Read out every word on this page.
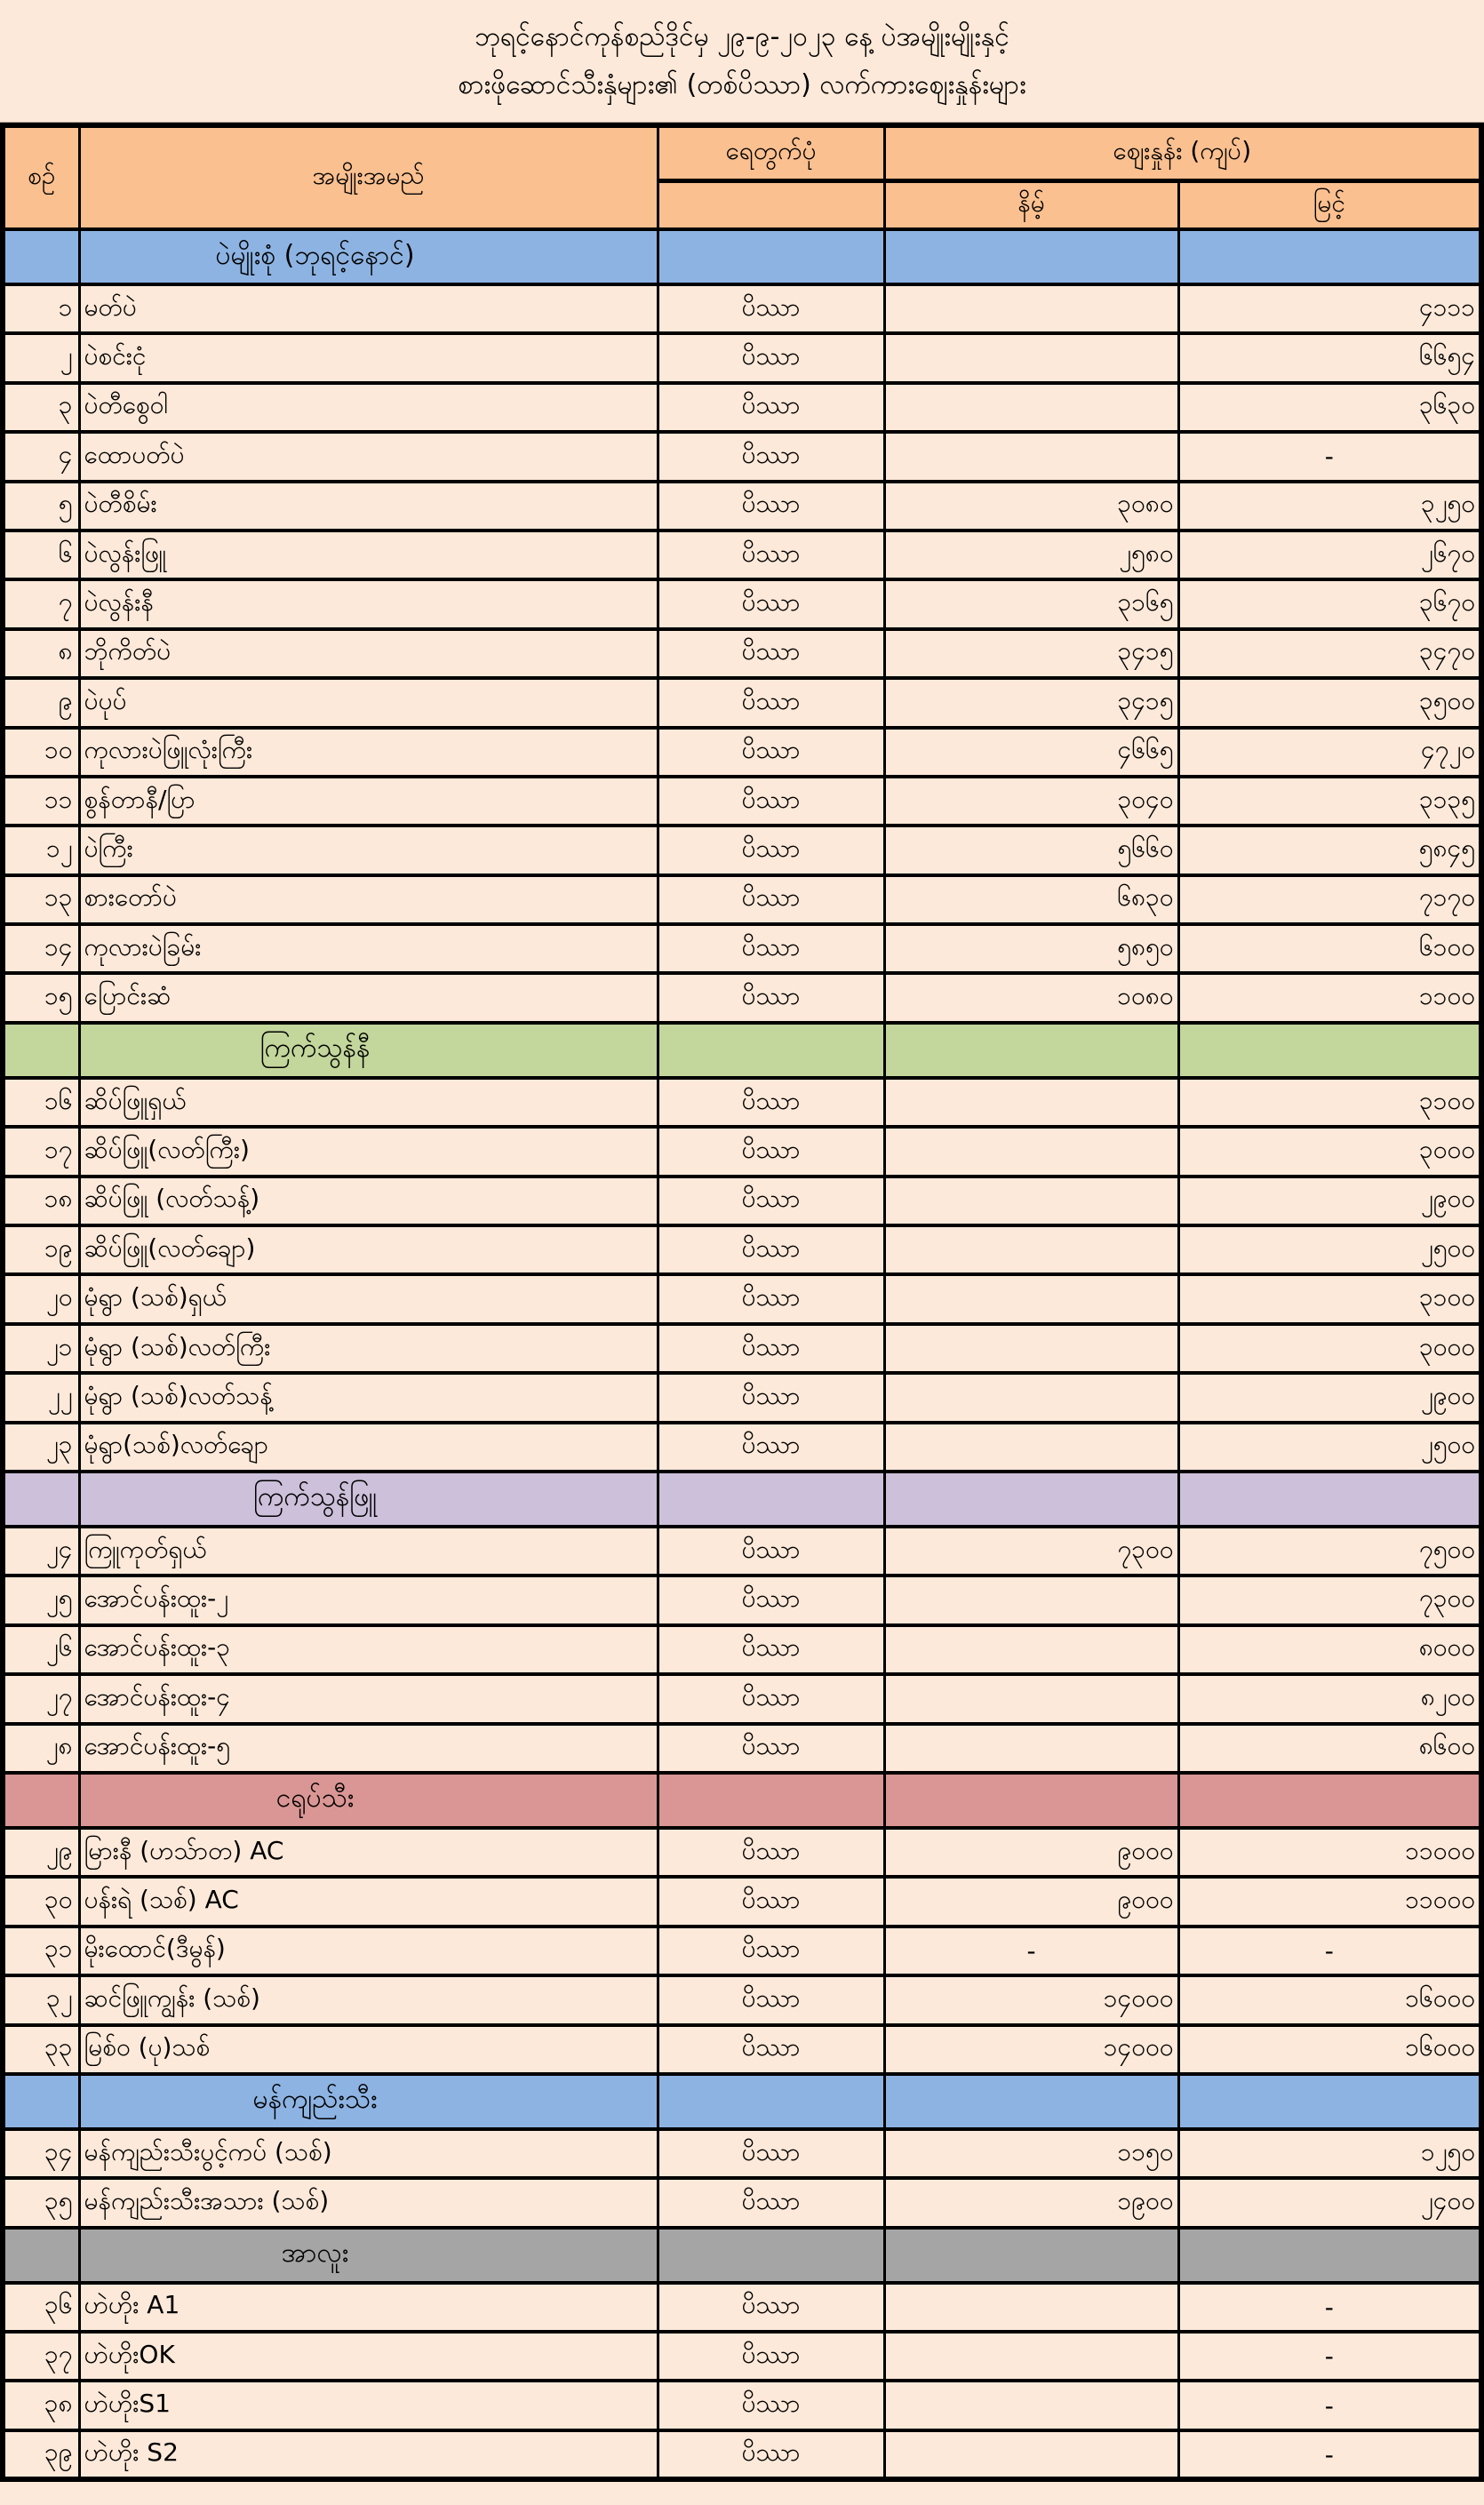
ဘုရင့်နောင်ကုန်စည်ဒိုင်မှ ၂၉-၉-၂၀၂၃ နေ့ ပဲအမျိုးမျိုးနှင့်
စားဖိုဆောင်သီးနှံများ၏ (တစ်ပိဿာ) လက်ကားဈေးနှုန်းများ
စဉ်	အမျိုးအမည်	ရေတွက်ပုံ	ဈေးနှုန်း (ကျပ်)	
			နိမ့်	မြင့်
	ပဲမျိုးစုံ (ဘုရင့်နောင်)			
၁	မတ်ပဲ	ပိဿာ		၄၁၁၁
၂	ပဲစင်းငုံ	ပိဿာ		၆၆၅၄
၃	ပဲတီစွေ၀ါ	ပိဿာ		၃၆၃၀
၄	ထောပတ်ပဲ	ပိဿာ		-
၅	ပဲတီစိမ်း	ပိဿာ	၃၀၈၀	၃၂၅၀
၆	ပဲလွန်းဖြူ	ပိဿာ	၂၅၈၀	၂၆၇၀
၇	ပဲလွန်းနီ	ပိဿာ	၃၁၆၅	၃၆၇၀
၈	ဘိုကိတ်ပဲ	ပိဿာ	၃၄၁၅	၃၄၇၀
၉	ပဲပုပ်	ပိဿာ	၃၄၁၅	၃၅၀၀
၁၀	ကုလားပဲဖြူလုံးကြီး	ပိဿာ	၄၆၆၅	၄၇၂၀
၁၁	စွန်တာနီ/ပြာ	ပိဿာ	၃၀၄၀	၃၁၃၅
၁၂	ပဲကြီး	ပိဿာ	၅၆၆၀	၅၈၄၅
၁၃	စားတော်ပဲ	ပိဿာ	၆၈၃၀	၇၁၇၀
၁၄	ကုလားပဲခြမ်း	ပိဿာ	၅၈၅၀	၆၁၀၀
၁၅	ပြောင်းဆံ	ပိဿာ	၁၀၈၀	၁၁၀၀
	ကြက်သွန်နီ			
၁၆	ဆိပ်ဖြူရှယ်	ပိဿာ		၃၁၀၀
၁၇	ဆိပ်ဖြူ(လတ်ကြီး)	ပိဿာ		၃၀၀၀
၁၈	ဆိပ်ဖြူ (လတ်သန့်)	ပိဿာ		၂၉၀၀
၁၉	ဆိပ်ဖြူ(လတ်ချော)	ပိဿာ		၂၅၀၀
၂၀	မုံရွာ (သစ်)ရှယ်	ပိဿာ		၃၁၀၀
၂၁	မုံရွာ (သစ်)လတ်ကြီး	ပိဿာ		၃၀၀၀
၂၂	မုံရွာ (သစ်)လတ်သန့်	ပိဿာ		၂၉၀၀
၂၃	မုံရွာ(သစ်)လတ်ချော	ပိဿာ		၂၅၀၀
	ကြက်သွန်ဖြူ			
၂၄	ကြူကုတ်ရှယ်	ပိဿာ	၇၃၀၀	၇၅၀၀
၂၅	အောင်ပန်းထူး-၂	ပိဿာ		၇၃၀၀
၂၆	အောင်ပန်းထူး-၃	ပိဿာ		၈၀၀၀
၂၇	အောင်ပန်းထူး-၄	ပိဿာ		၈၂၀၀
၂၈	အောင်ပန်းထူး-၅	ပိဿာ		၈၆၀၀
	ငရုပ်သီး			
၂၉	မြားနီ (ဟသ်ာတ) AC	ပိဿာ	၉၀၀၀	၁၁၀၀၀
၃၀	ပန်းရဲ (သစ်) AC	ပိဿာ	၉၀၀၀	၁၁၀၀၀
၃၁	မိုးထောင်(ဒီမွန်)	ပိဿာ	-	-
၃၂	ဆင်ဖြူကျွန်း (သစ်)	ပိဿာ	၁၄၀၀၀	၁၆၀၀၀
၃၃	မြစ်ဝ (ပု)သစ်	ပိဿာ	၁၄၀၀၀	၁၆၀၀၀
	မန်ကျည်းသီး			
၃၄	မန်ကျည်းသီးပွင့်ကပ် (သစ်)	ပိဿာ	၁၁၅၀	၁၂၅၀
၃၅	မန်ကျည်းသီးအသား (သစ်)	ပိဿာ	၁၉၀၀	၂၄၀၀
	အာလူး			
၃၆	ဟဲဟိုး A1	ပိဿာ		-
၃၇	ဟဲဟိုးOK	ပိဿာ		-
၃၈	ဟဲဟိုးS1	ပိဿာ		-
၃၉	ဟဲဟိုး S2	ပိဿာ		-
